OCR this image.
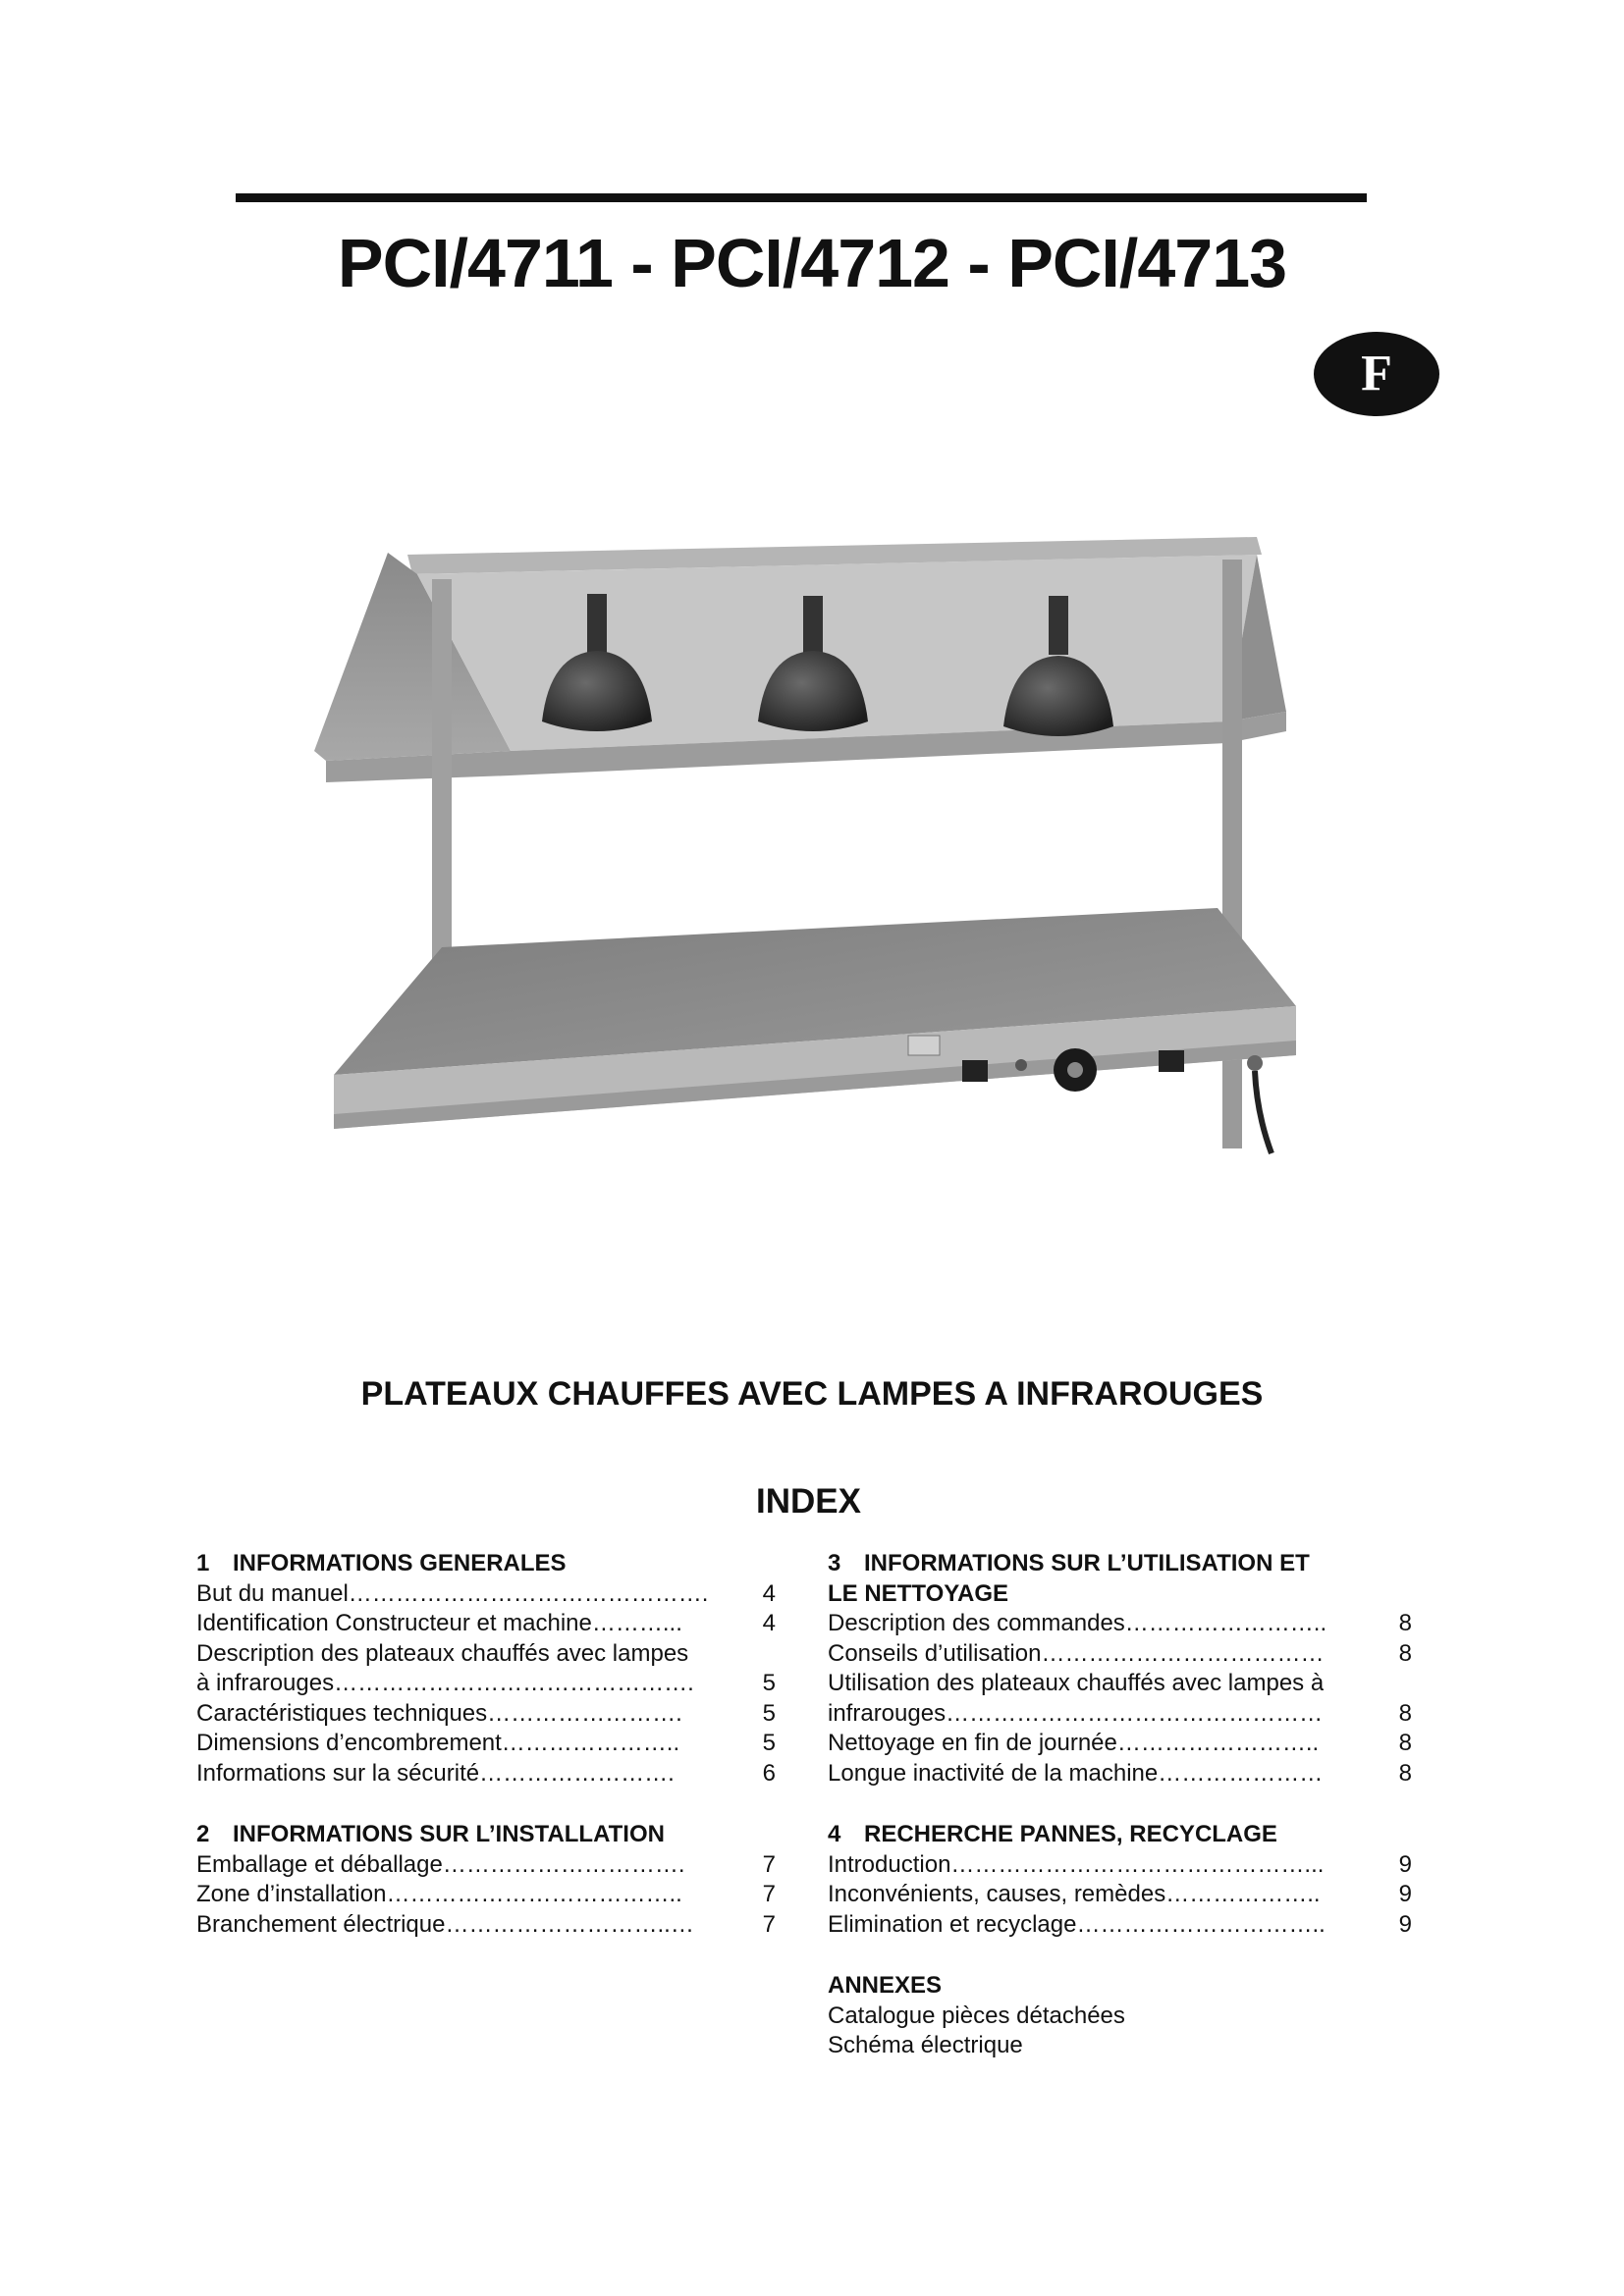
PCI/4711 - PCI/4712 - PCI/4713
F
PLATEAUX CHAUFFES AVEC LAMPES A INFRAROUGES
INDEX
1 INFORMATIONS GENERALES
But du manuel……………………………………….	4
Identification Constructeur et machine………...	4
Description des plateaux chauffés avec lampes
à infrarouges……………………………………….	5
Caractéristiques techniques…………………….	5
Dimensions d’encombrement…………………..	5
Informations sur la sécurité…………………….	6
2 INFORMATIONS SUR L’INSTALLATION
Emballage et déballage………………………….	7
Zone d’installation………………………………..	7
Branchement électrique………………………..…	7
3 INFORMATIONS SUR L’UTILISATION ET
LE NETTOYAGE
Description des commandes……………………..	8
Conseils d’utilisation………………………………	8
Utilisation des plateaux chauffés avec lampes à
infrarouges…………………………………………	8
Nettoyage en fin de journée……………………..	8
Longue inactivité de la machine…………………	8
4 RECHERCHE PANNES, RECYCLAGE
Introduction………………………………………...	9
Inconvénients, causes, remèdes………………..	9
Elimination et recyclage…………………………..	9
ANNEXES
Catalogue pièces détachées
Schéma électrique
